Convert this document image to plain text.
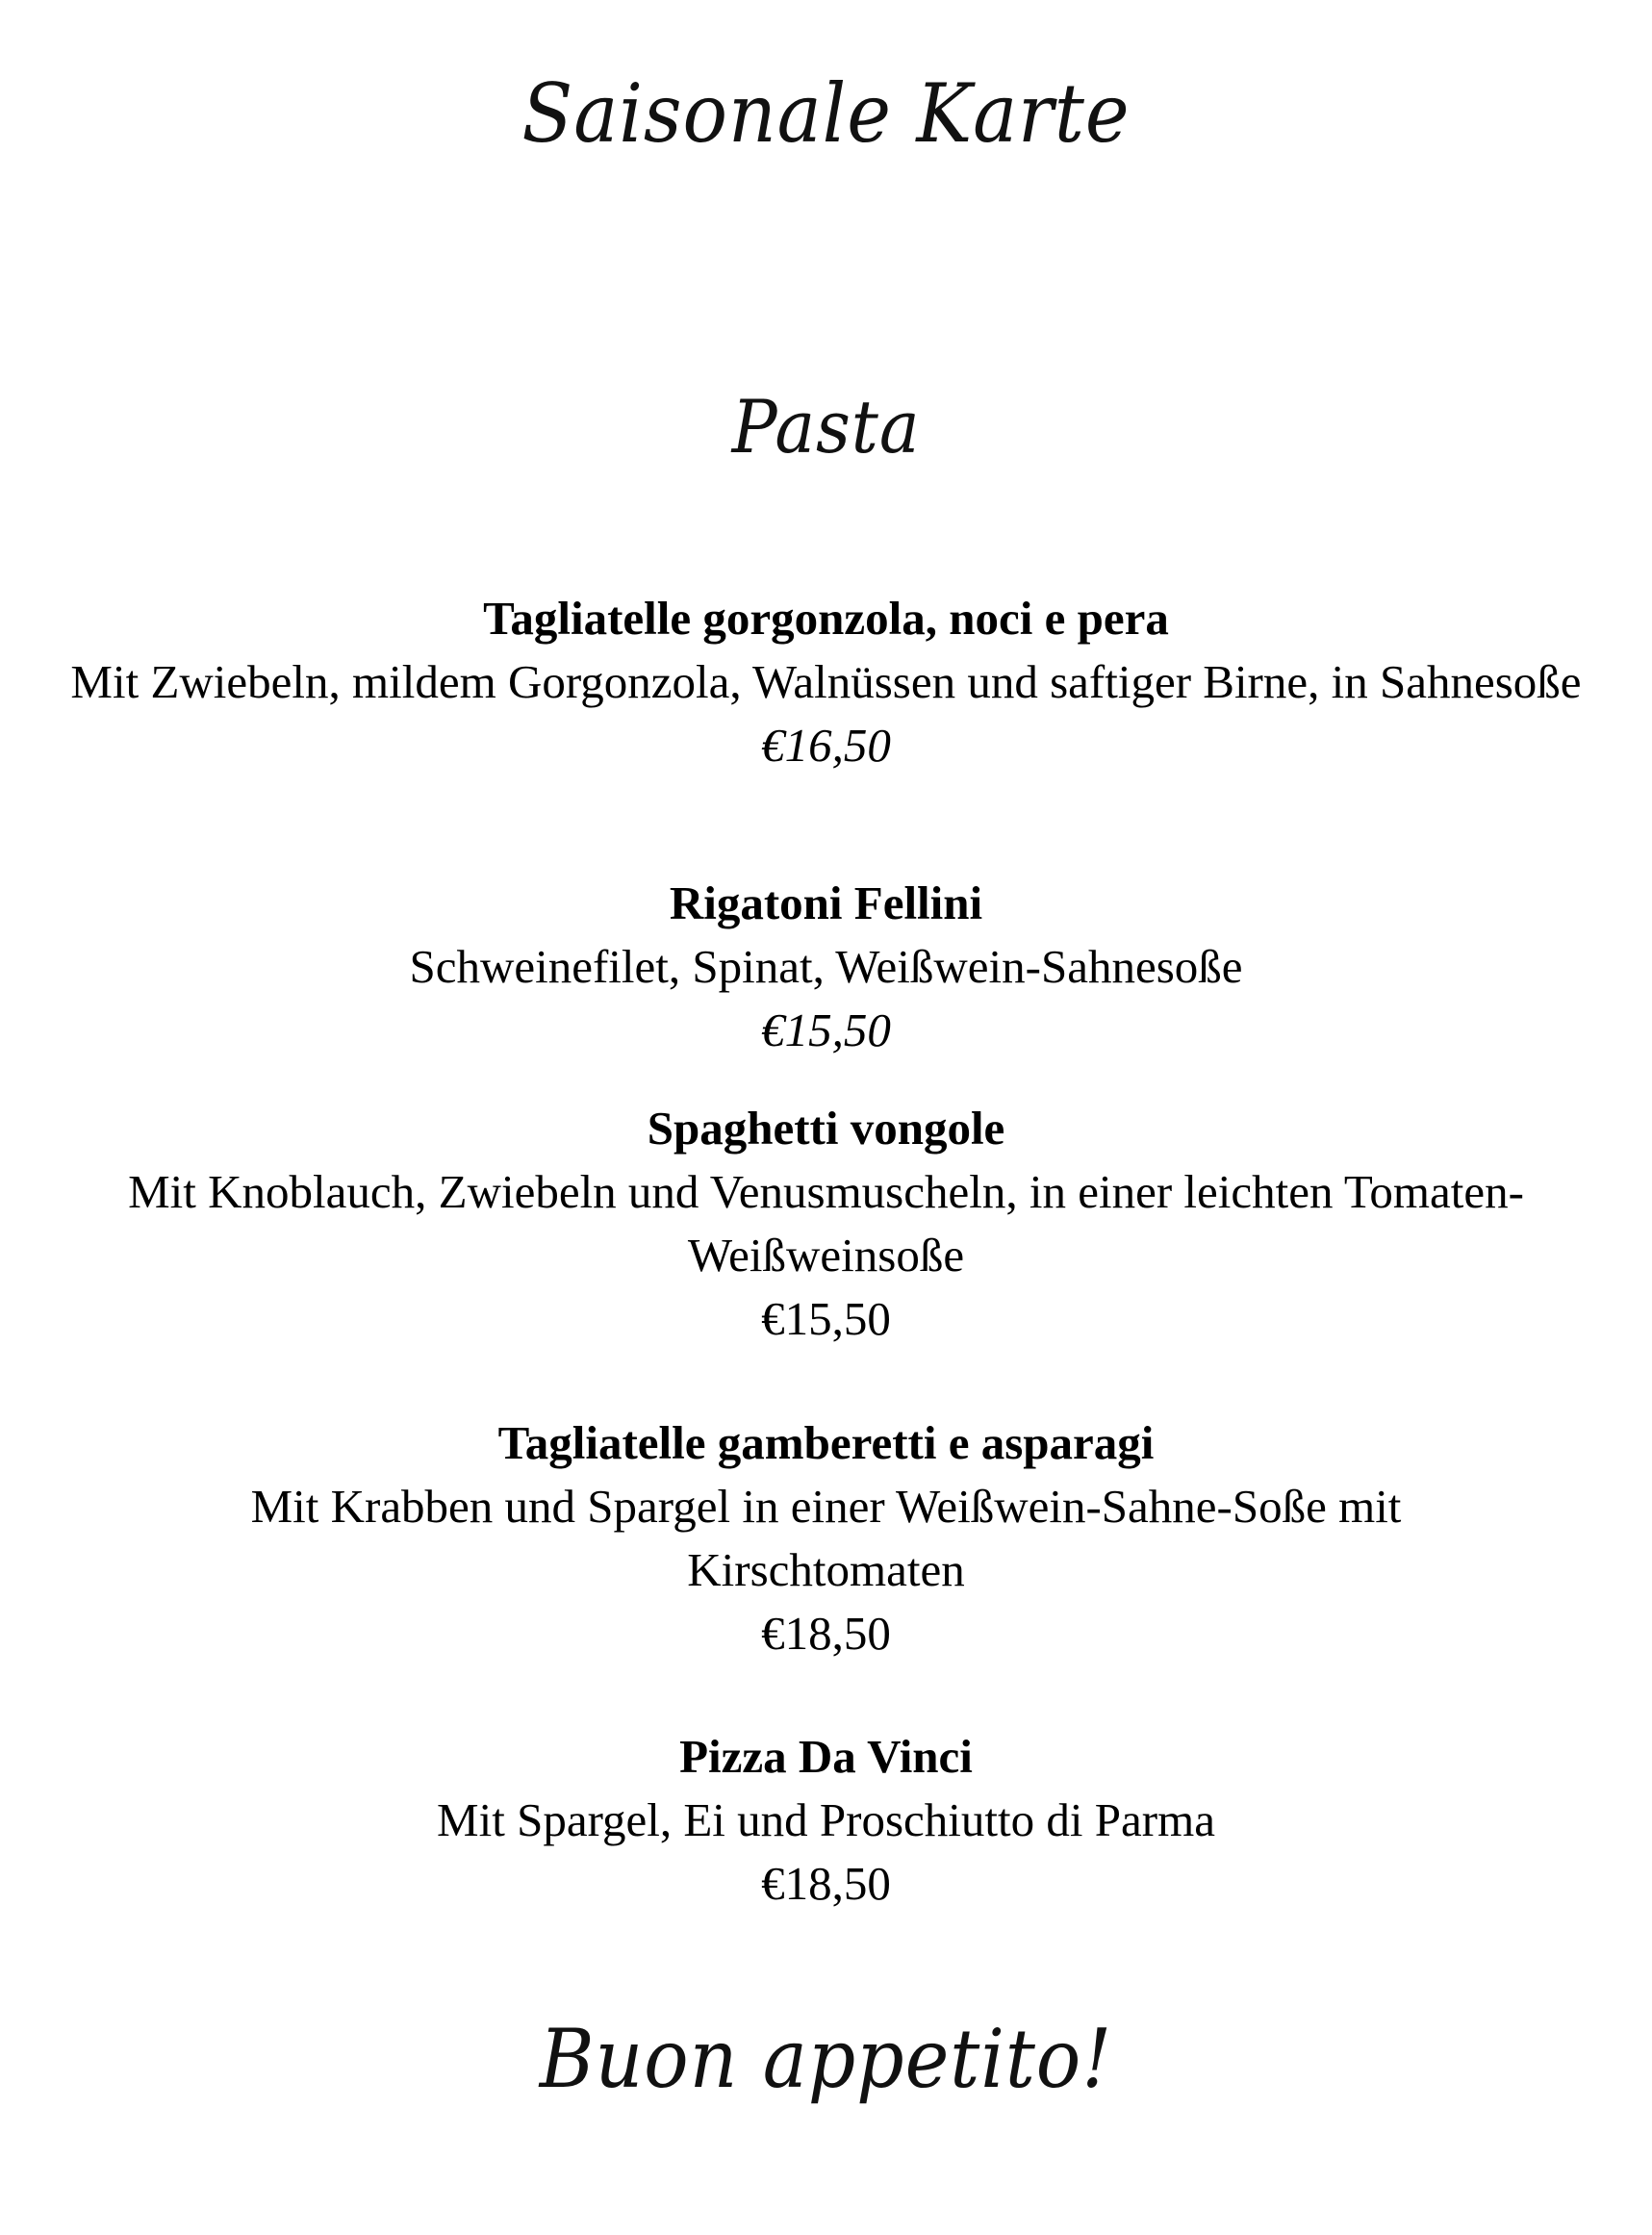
Saisonale Karte
Pasta
Tagliatelle gorgonzola, noci e pera
Mit Zwiebeln, mildem Gorgonzola, Walnüssen und saftiger Birne, in Sahnesoße
€16,50
Rigatoni Fellini
Schweinefilet, Spinat, Weißwein-Sahnesoße
€15,50
Spaghetti vongole
Mit Knoblauch, Zwiebeln und Venusmuscheln, in einer leichten Tomaten-Weißweinsoße
€15,50
Tagliatelle gamberetti e asparagi
Mit Krabben und Spargel in einer Weißwein-Sahne-Soße mit Kirschtomaten
€18,50
Pizza Da Vinci
Mit Spargel, Ei und Proschiutto di Parma
€18,50
Buon appetito!
